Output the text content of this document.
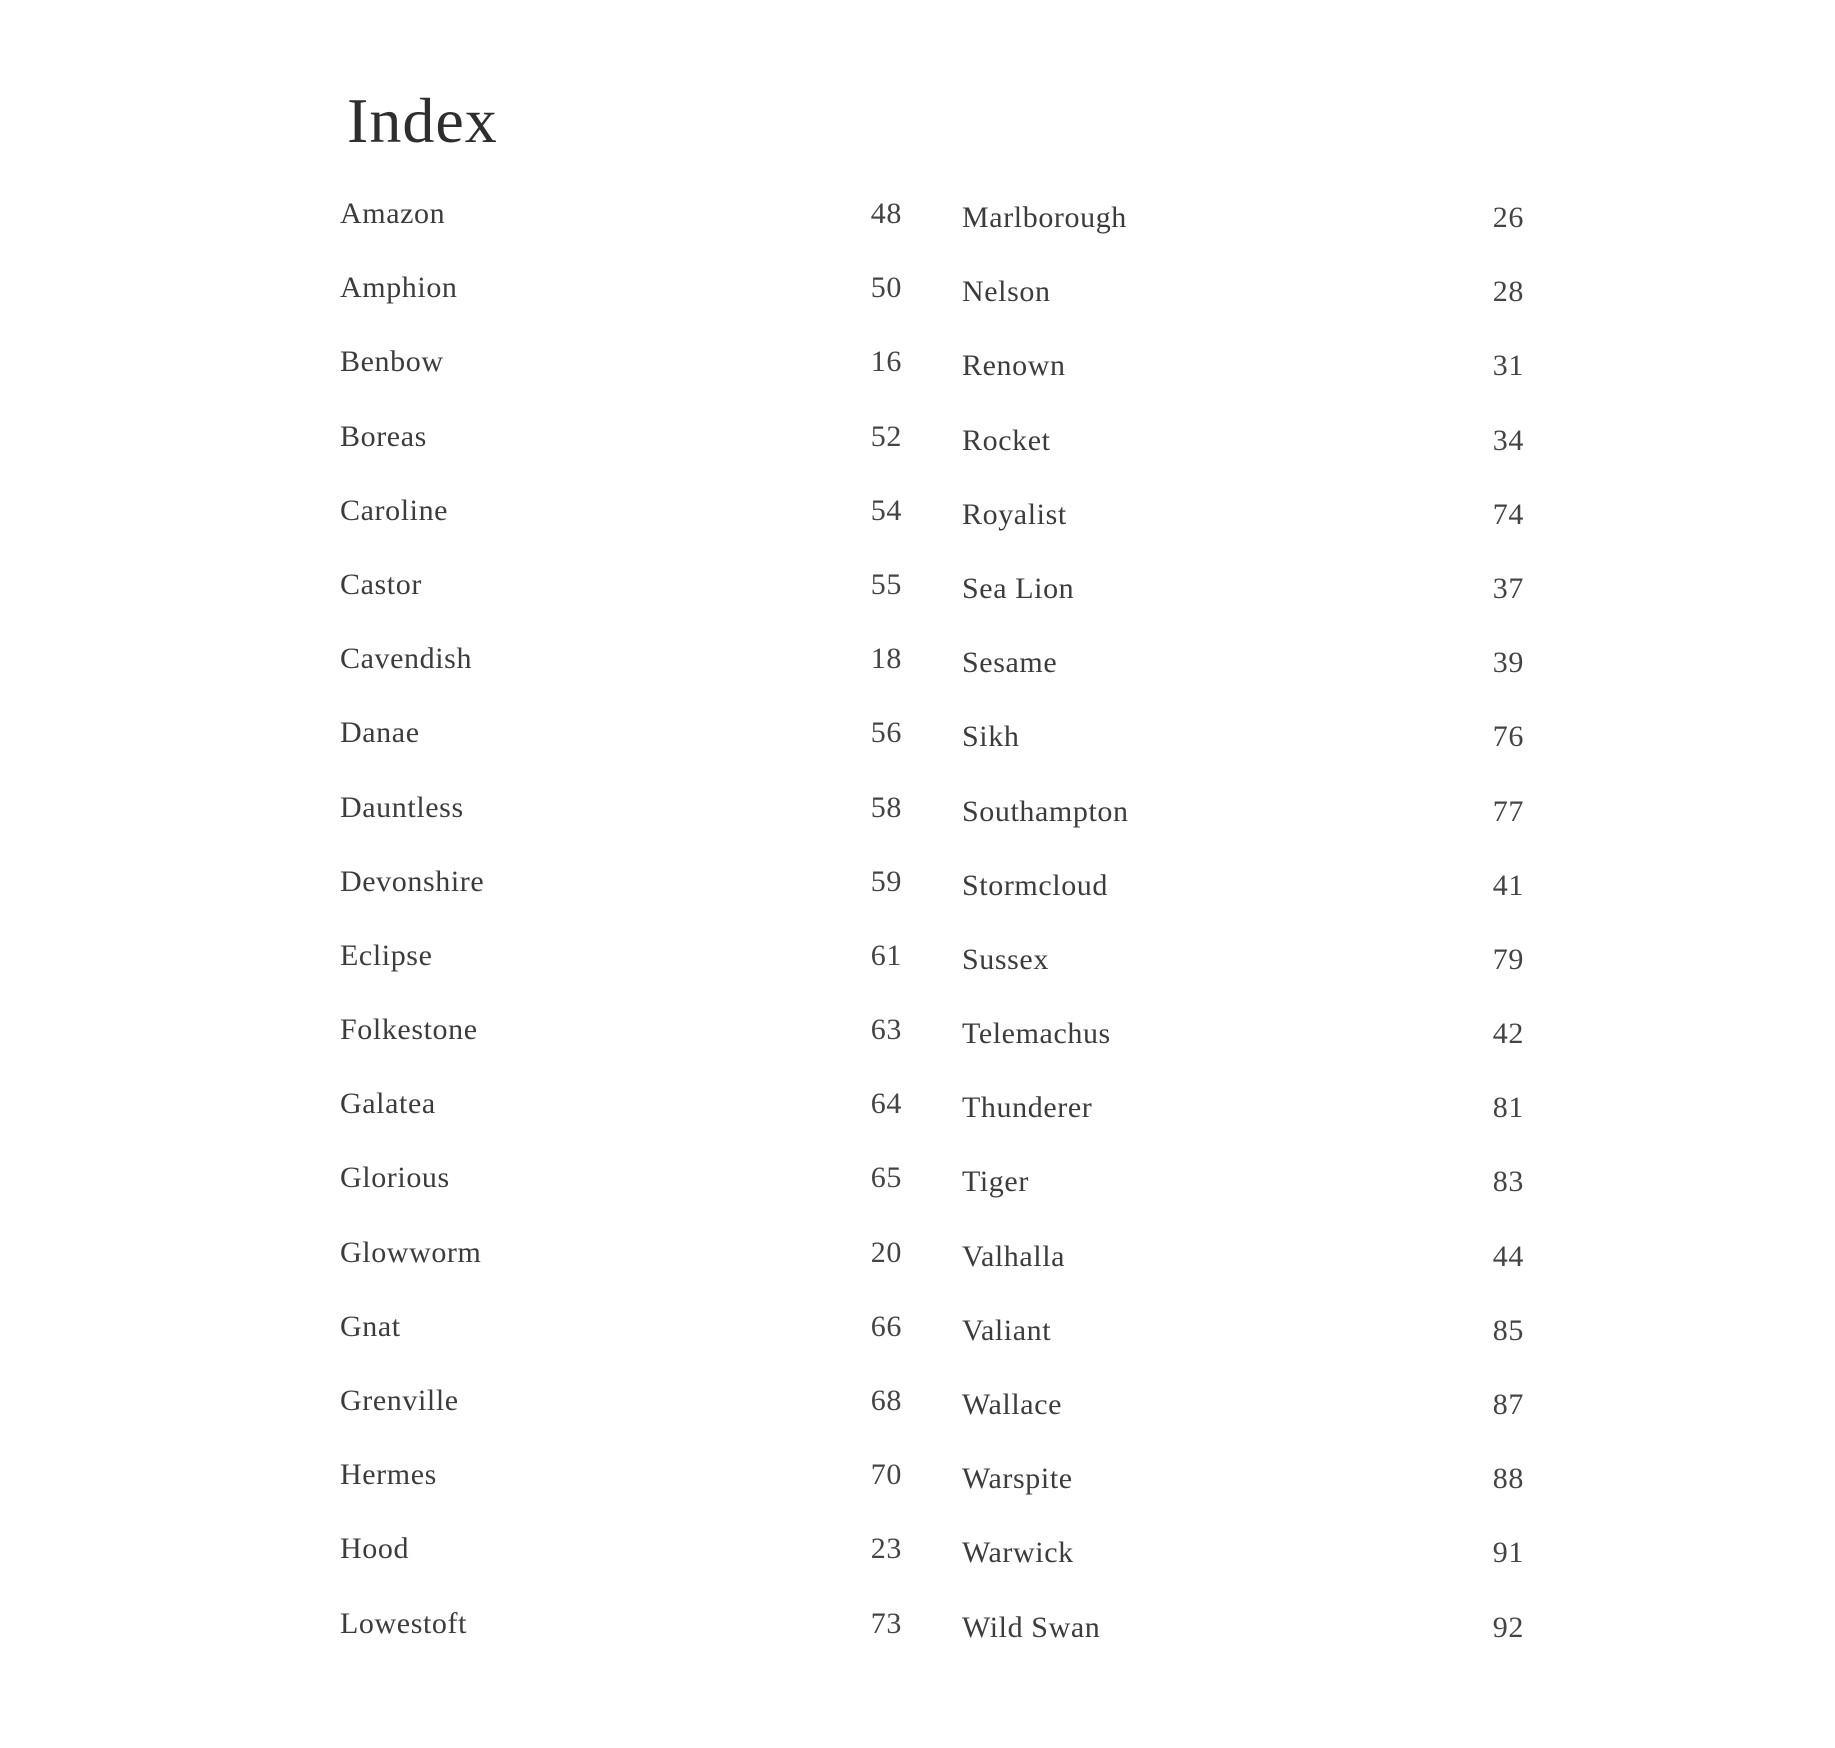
Index
Amazon	48
Amphion	50
Benbow	16
Boreas	52
Caroline	54
Castor	55
Cavendish	18
Danae	56
Dauntless	58
Devonshire	59
Eclipse	61
Folkestone	63
Galatea	64
Glorious	65
Glowworm	20
Gnat	66
Grenville	68
Hermes	70
Hood	23
Lowestoft	73
Marlborough	26
Nelson	28
Renown	31
Rocket	34
Royalist	74
Sea Lion	37
Sesame	39
Sikh	76
Southampton	77
Stormcloud	41
Sussex	79
Telemachus	42
Thunderer	81
Tiger	83
Valhalla	44
Valiant	85
Wallace	87
Warspite	88
Warwick	91
Wild Swan	92
